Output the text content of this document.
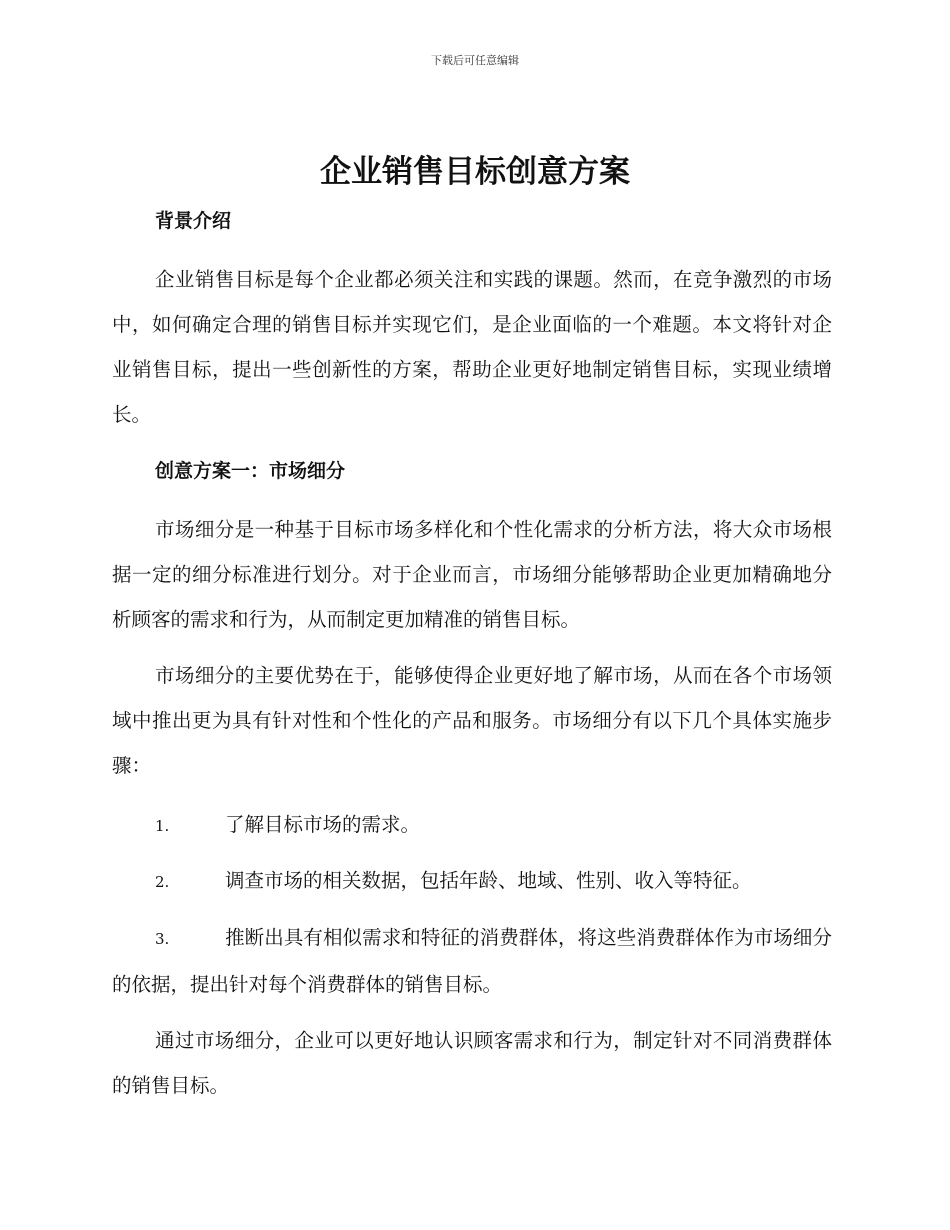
下载后可任意编辑
企业销售目标创意方案
背景介绍

企业销售目标是每个企业都必须关注和实践的课题。然而，在竞争激烈的市场中，如何确定合理的销售目标并实现它们，是企业面临的一个难题。本文将针对企业销售目标，提出一些创新性的方案，帮助企业更好地制定销售目标，实现业绩增长。

创意方案一：市场细分

市场细分是一种基于目标市场多样化和个性化需求的分析方法，将大众市场根据一定的细分标准进行划分。对于企业而言，市场细分能够帮助企业更加精确地分析顾客的需求和行为，从而制定更加精准的销售目标。

市场细分的主要优势在于，能够使得企业更好地了解市场，从而在各个市场领域中推出更为具有针对性和个性化的产品和服务。市场细分有以下几个具体实施步骤：

1.	了解目标市场的需求。
2.	调查市场的相关数据，包括年龄、地域、性别、收入等特征。
3.	推断出具有相似需求和特征的消费群体，将这些消费群体作为市场细分的依据，提出针对每个消费群体的销售目标。

通过市场细分，企业可以更好地认识顾客需求和行为，制定针对不同消费群体的销售目标。
